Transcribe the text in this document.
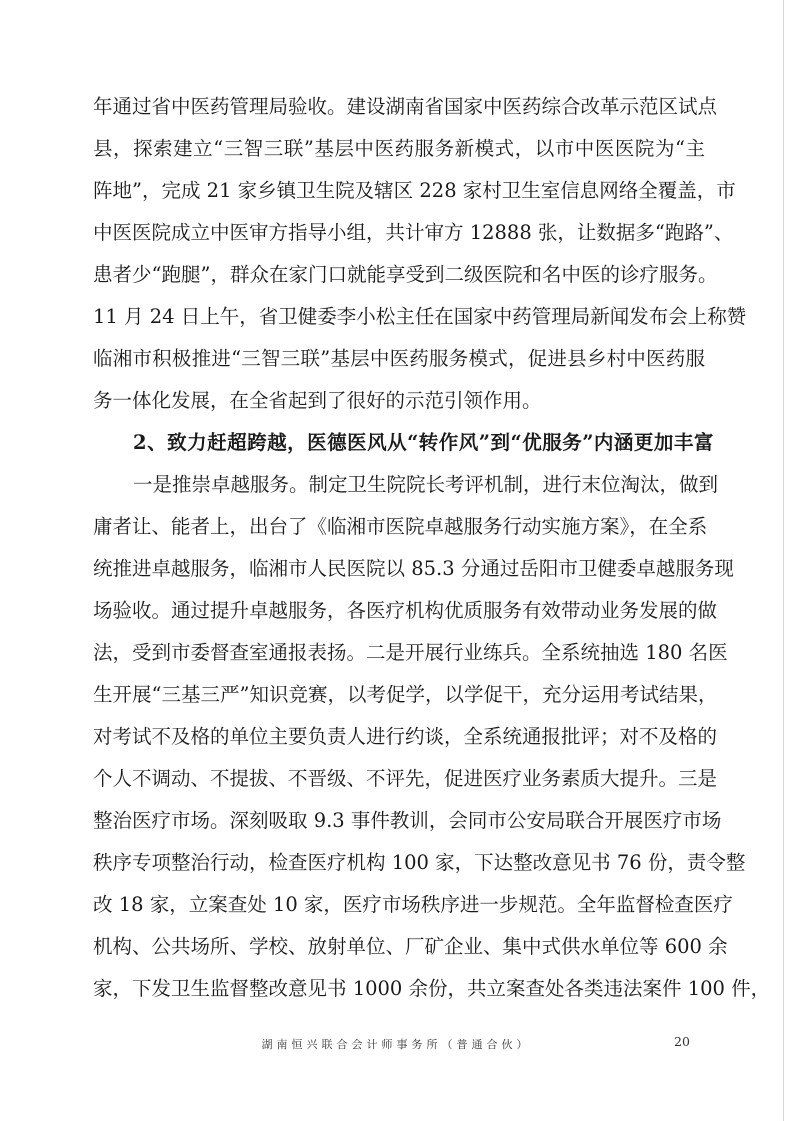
年通过省中医药管理局验收。建设湖南省国家中医药综合改革示范区试点
县，探索建立“三智三联”基层中医药服务新模式，以市中医医院为“主
阵地”，完成 21 家乡镇卫生院及辖区 228 家村卫生室信息网络全覆盖，市
中医医院成立中医审方指导小组，共计审方 12888 张，让数据多“跑路”、
患者少“跑腿”，群众在家门口就能享受到二级医院和名中医的诊疗服务。
11 月 24 日上午，省卫健委李小松主任在国家中药管理局新闻发布会上称赞
临湘市积极推进“三智三联”基层中医药服务模式，促进县乡村中医药服
务一体化发展，在全省起到了很好的示范引领作用。
2、致力赶超跨越，医德医风从“转作风”到“优服务”内涵更加丰富
一是推崇卓越服务。制定卫生院院长考评机制，进行末位淘汰，做到
庸者让、能者上，出台了《临湘市医院卓越服务行动实施方案》，在全系
统推进卓越服务，临湘市人民医院以 85.3 分通过岳阳市卫健委卓越服务现
场验收。通过提升卓越服务，各医疗机构优质服务有效带动业务发展的做
法，受到市委督查室通报表扬。二是开展行业练兵。全系统抽选 180 名医
生开展“三基三严”知识竞赛，以考促学，以学促干，充分运用考试结果，
对考试不及格的单位主要负责人进行约谈，全系统通报批评；对不及格的
个人不调动、不提拔、不晋级、不评先，促进医疗业务素质大提升。三是
整治医疗市场。深刻吸取 9.3 事件教训，会同市公安局联合开展医疗市场
秩序专项整治行动，检查医疗机构 100 家，下达整改意见书 76 份，责令整
改 18 家，立案查处 10 家，医疗市场秩序进一步规范。全年监督检查医疗
机构、公共场所、学校、放射单位、厂矿企业、集中式供水单位等 600 余
家，下发卫生监督整改意见书 1000 余份，共立案查处各类违法案件 100 件，
湖南恒兴联合会计师事务所（普通合伙）	20
